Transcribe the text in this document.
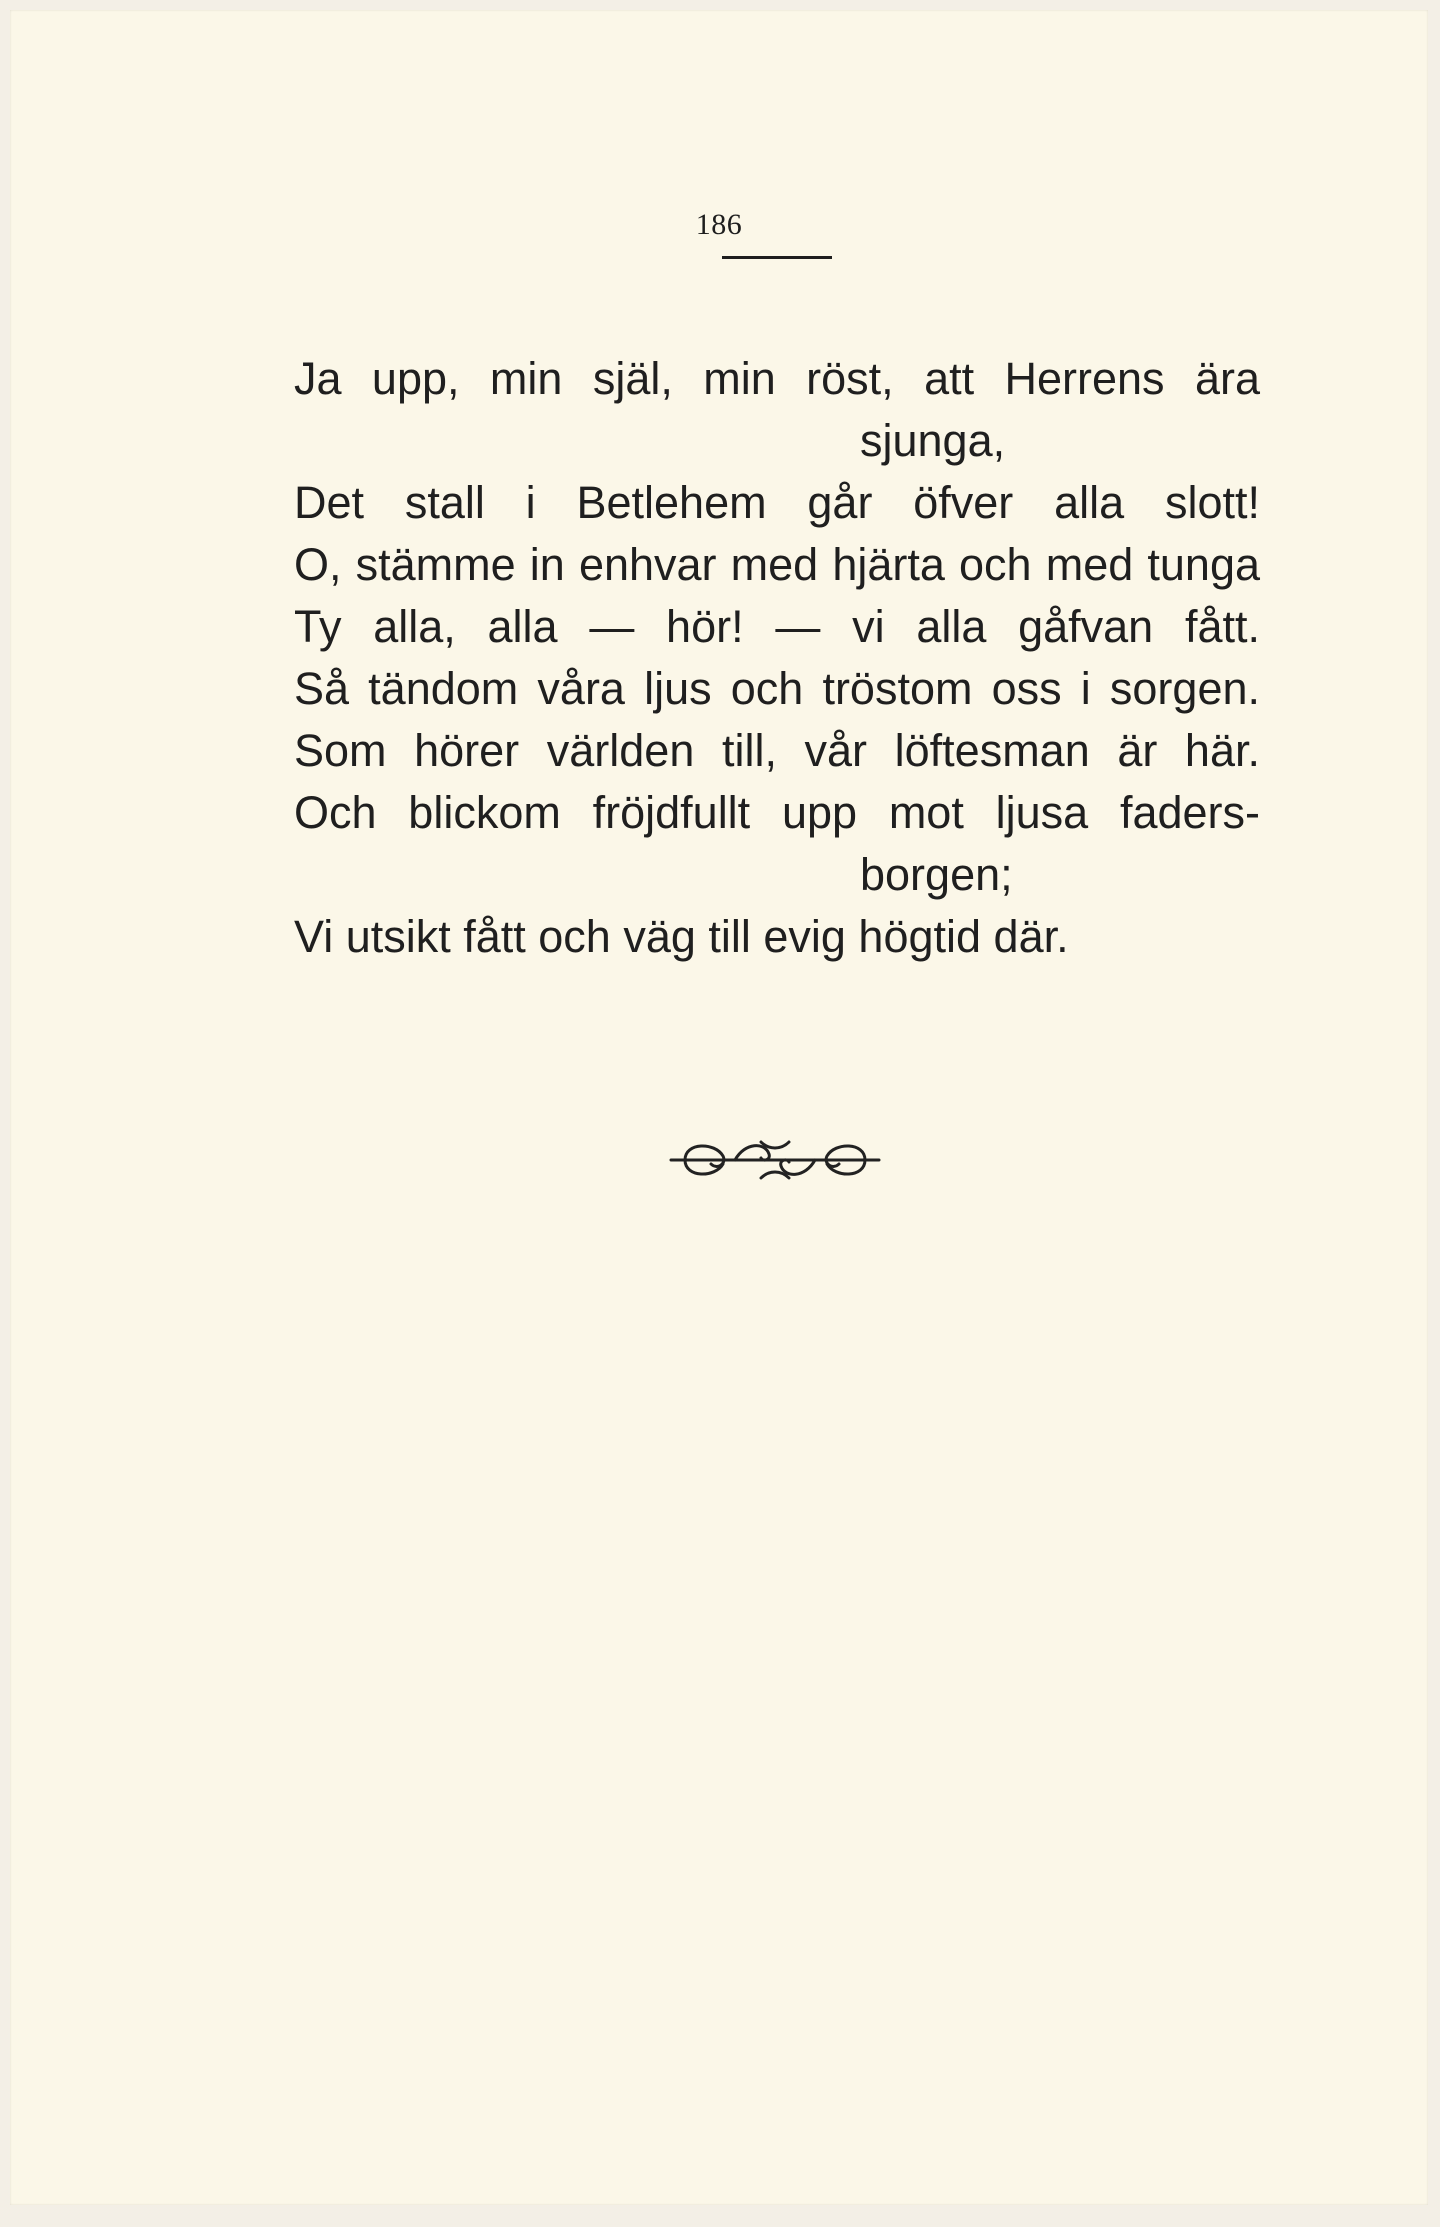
186
Ja upp, min själ, min röst, att Herrens ära
sjunga,
Det stall i Betlehem går öfver alla slott!
O, stämme in enhvar med hjärta och med tunga
Ty alla, alla — hör! — vi alla gåfvan fått.
Så tändom våra ljus och tröstom oss i sorgen.
Som hörer världen till, vår löftesman är här.
Och blickom fröjdfullt upp mot ljusa faders-
borgen;
Vi utsikt fått och väg till evig högtid där.
